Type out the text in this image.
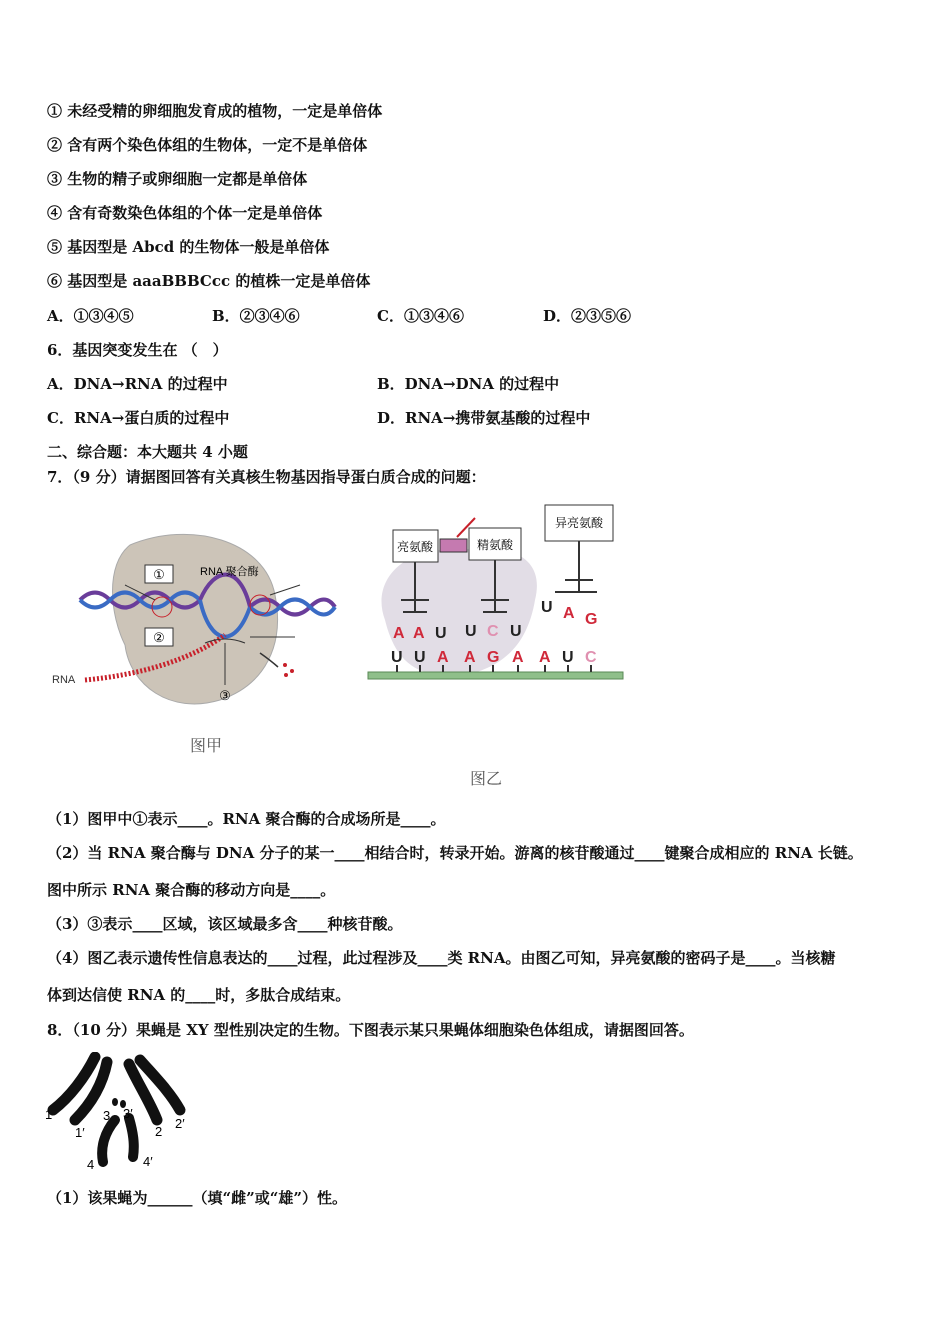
① 未经受精的卵细胞发育成的植物，一定是单倍体
② 含有两个染色体组的生物体，一定不是单倍体
③ 生物的精子或卵细胞一定都是单倍体
④ 含有奇数染色体组的个体一定是单倍体
⑤ 基因型是 Abcd 的生物体一般是单倍体
⑥ 基因型是 aaaBBBCcc 的植株一定是单倍体
A．①③④⑤	B．②③④⑥	C．①③④⑥	D．②③⑤⑥
6．基因突变发生在 （　）
A．DNA→RNA 的过程中	B．DNA→DNA 的过程中
C．RNA→蛋白质的过程中	D．RNA→携带氨基酸的过程中
二、综合题：本大题共 4 小题
7．（9 分）请据图回答有关真核生物基因指导蛋白质合成的问题：
①
②
RNA 聚合酶
RNA
③
图甲
亮氨酸	精氨酸
异亮氨酸
A A U U C U
U A G
U U A A G A A U C
图乙
（1）图甲中①表示____。RNA 聚合酶的合成场所是____。
（2）当 RNA 聚合酶与 DNA 分子的某一____相结合时，转录开始。游离的核苷酸通过____键聚合成相应的 RNA 长链。
图中所示 RNA 聚合酶的移动方向是____。
（3）③表示____区域，该区域最多含____种核苷酸。
（4）图乙表示遗传性信息表达的____过程，此过程涉及____类 RNA。由图乙可知，异亮氨酸的密码子是____。当核糖
体到达信使 RNA 的____时，多肽合成结束。
8．（10 分）果蝇是 XY 型性别决定的生物。下图表示某只果蝇体细胞染色体组成，请据图回答。
1
1′
3 3′
2
2′
4	4′
（1）该果蝇为______（填“雌”或“雄”）性。
